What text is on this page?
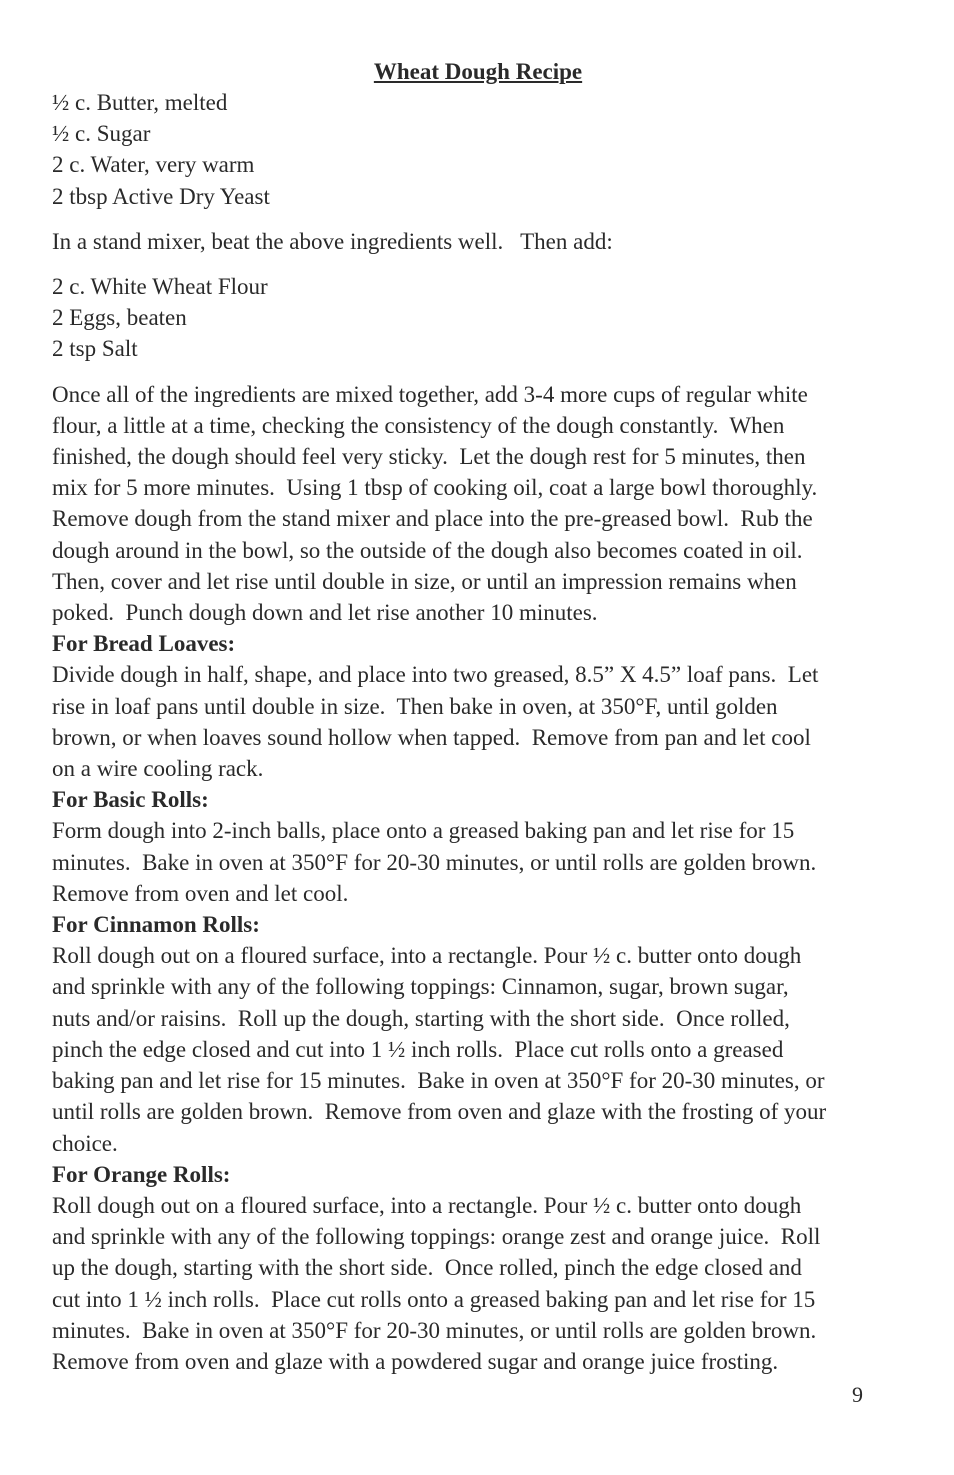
Wheat Dough Recipe
½ c. Butter, melted
½ c. Sugar
2 c. Water, very warm
2 tbsp Active Dry Yeast
In a stand mixer, beat the above ingredients well.   Then add:
2 c. White Wheat Flour
2 Eggs, beaten
2 tsp Salt
Once all of the ingredients are mixed together, add 3-4 more cups of regular white
flour, a little at a time, checking the consistency of the dough constantly.  When
finished, the dough should feel very sticky.  Let the dough rest for 5 minutes, then
mix for 5 more minutes.  Using 1 tbsp of cooking oil, coat a large bowl thoroughly.
Remove dough from the stand mixer and place into the pre-greased bowl.  Rub the
dough around in the bowl, so the outside of the dough also becomes coated in oil.
Then, cover and let rise until double in size, or until an impression remains when
poked.  Punch dough down and let rise another 10 minutes.
For Bread Loaves:
Divide dough in half, shape, and place into two greased, 8.5” X 4.5” loaf pans.  Let
rise in loaf pans until double in size.  Then bake in oven, at 350°F, until golden
brown, or when loaves sound hollow when tapped.  Remove from pan and let cool
on a wire cooling rack.
For Basic Rolls:
Form dough into 2-inch balls, place onto a greased baking pan and let rise for 15
minutes.  Bake in oven at 350°F for 20-30 minutes, or until rolls are golden brown.
Remove from oven and let cool.
For Cinnamon Rolls:
Roll dough out on a floured surface, into a rectangle. Pour ½ c. butter onto dough
and sprinkle with any of the following toppings: Cinnamon, sugar, brown sugar,
nuts and/or raisins.  Roll up the dough, starting with the short side.  Once rolled,
pinch the edge closed and cut into 1 ½ inch rolls.  Place cut rolls onto a greased
baking pan and let rise for 15 minutes.  Bake in oven at 350°F for 20-30 minutes, or
until rolls are golden brown.  Remove from oven and glaze with the frosting of your
choice.
For Orange Rolls:
Roll dough out on a floured surface, into a rectangle. Pour ½ c. butter onto dough
and sprinkle with any of the following toppings: orange zest and orange juice.  Roll
up the dough, starting with the short side.  Once rolled, pinch the edge closed and
cut into 1 ½ inch rolls.  Place cut rolls onto a greased baking pan and let rise for 15
minutes.  Bake in oven at 350°F for 20-30 minutes, or until rolls are golden brown.
Remove from oven and glaze with a powdered sugar and orange juice frosting.
9
